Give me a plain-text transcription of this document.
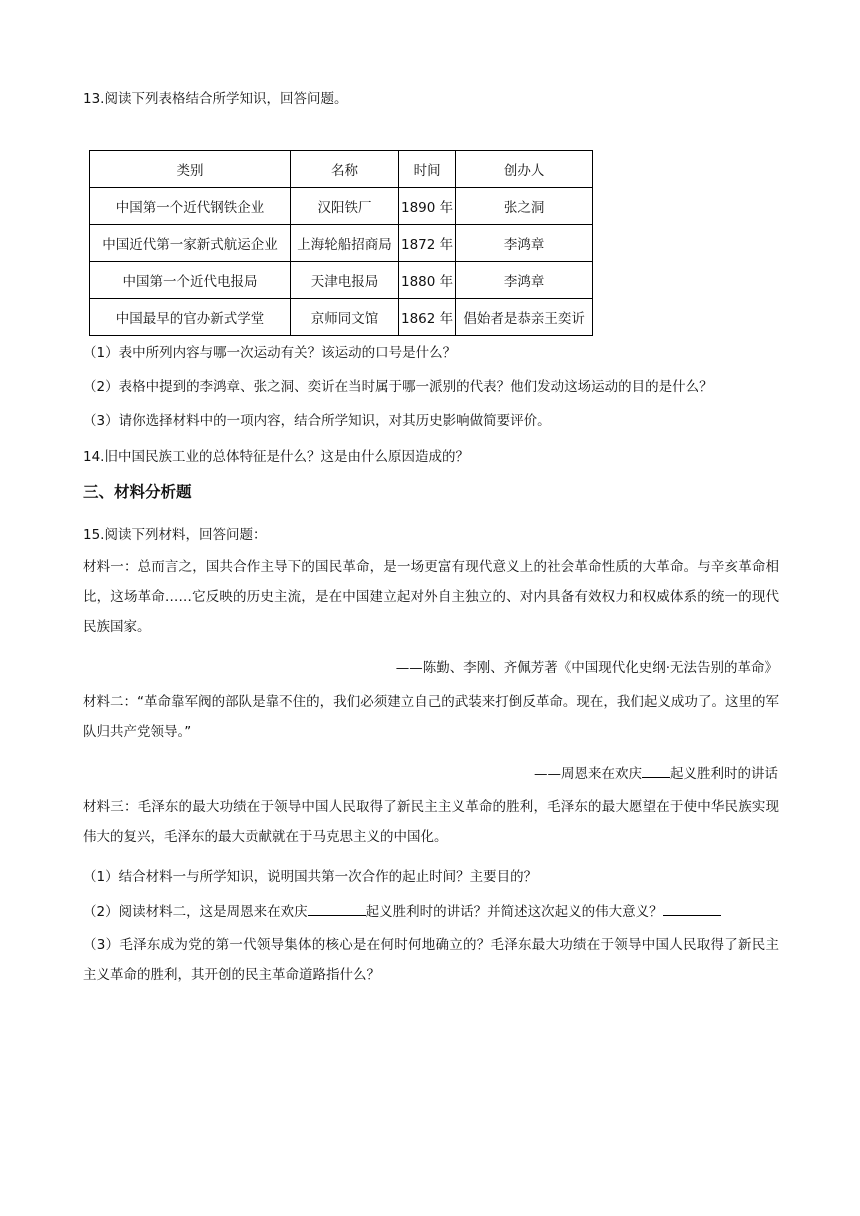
13.阅读下列表格结合所学知识，回答问题。
类别	名称	时间	创办人
中国第一个近代钢铁企业	汉阳铁厂	1890 年	张之洞
中国近代第一家新式航运企业	上海轮船招商局	1872 年	李鸿章
中国第一个近代电报局	天津电报局	1880 年	李鸿章
中国最早的官办新式学堂	京师同文馆	1862 年	倡始者是恭亲王奕䜣
（1）表中所列内容与哪一次运动有关？该运动的口号是什么？
（2）表格中提到的李鸿章、张之洞、奕䜣在当时属于哪一派别的代表？他们发动这场运动的目的是什么？
（3）请你选择材料中的一项内容，结合所学知识，对其历史影响做简要评价。
14.旧中国民族工业的总体特征是什么？这是由什么原因造成的？
三、材料分析题
15.阅读下列材料，回答问题：
材料一：总而言之，国共合作主导下的国民革命，是一场更富有现代意义上的社会革命性质的大革命。与辛亥革命相比，这场革命……它反映的历史主流，是在中国建立起对外自主独立的、对内具备有效权力和权威体系的统一的现代民族国家。
——陈勤、李刚、齐佩芳著《中国现代化史纲·无法告别的革命》
材料二：“革命靠军阀的部队是靠不住的，我们必须建立自己的武装来打倒反革命。现在，我们起义成功了。这里的军队归共产党领导。”
——周恩来在欢庆 起义胜利时的讲话
材料三：毛泽东的最大功绩在于领导中国人民取得了新民主主义革命的胜利，毛泽东的最大愿望在于使中华民族实现伟大的复兴，毛泽东的最大贡献就在于马克思主义的中国化。
（1）结合材料一与所学知识，说明国共第一次合作的起止时间？主要目的？
（2）阅读材料二，这是周恩来在欢庆	起义胜利时的讲话？并简述这次起义的伟大意义？
（3）毛泽东成为党的第一代领导集体的核心是在何时何地确立的？毛泽东最大功绩在于领导中国人民取得了新民主主义革命的胜利，其开创的民主革命道路指什么？
